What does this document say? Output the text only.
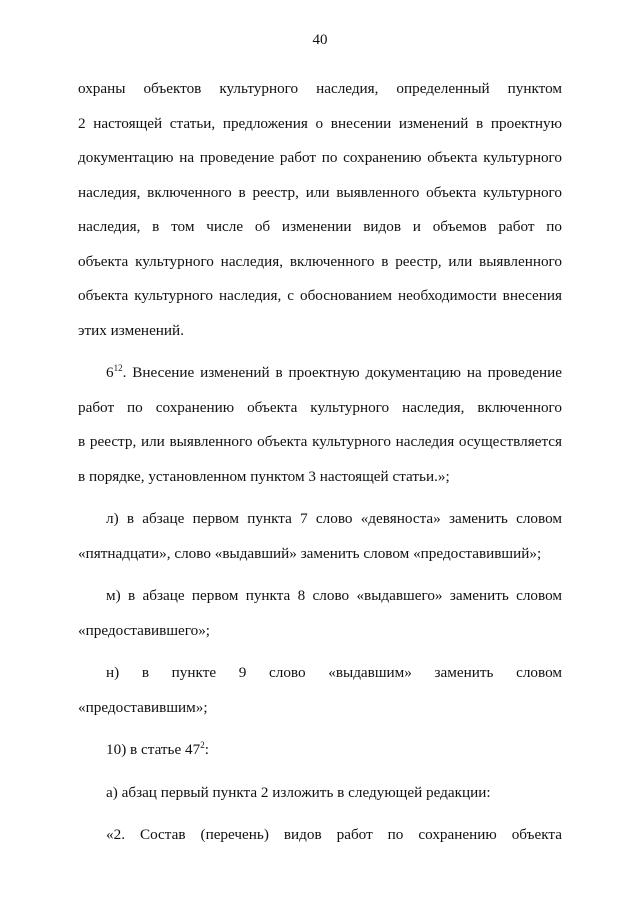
40
охраны объектов культурного наследия, определенный пунктом
2 настоящей статьи, предложения о внесении изменений в проектную
документацию на проведение работ по сохранению объекта культурного
наследия, включенного в реестр, или выявленного объекта культурного
наследия, в том числе об изменении видов и объемов работ по
объекта культурного наследия, включенного в реестр, или выявленного
объекта культурного наследия, с обоснованием необходимости внесения
этих изменений.
$6^{12}$. Внесение изменений в проектную документацию на проведение
работ по сохранению объекта культурного наследия, включенного
в реестр, или выявленного объекта культурного наследия осуществляется
в порядке, установленном пунктом 3 настоящей статьи.»;
л) в абзаце первом пункта 7 слово «девяноста» заменить словом
«пятнадцати», слово «выдавший» заменить словом «предоставивший»;
м) в абзаце первом пункта 8 слово «выдавшего» заменить словом
«предоставившего»;
н) в пункте 9 слово «выдавшим» заменить словом
«предоставившим»;
10) в статье $47^2$:
а) абзац первый пункта 2 изложить в следующей редакции:
«2. Состав (перечень) видов работ по сохранению объекта
